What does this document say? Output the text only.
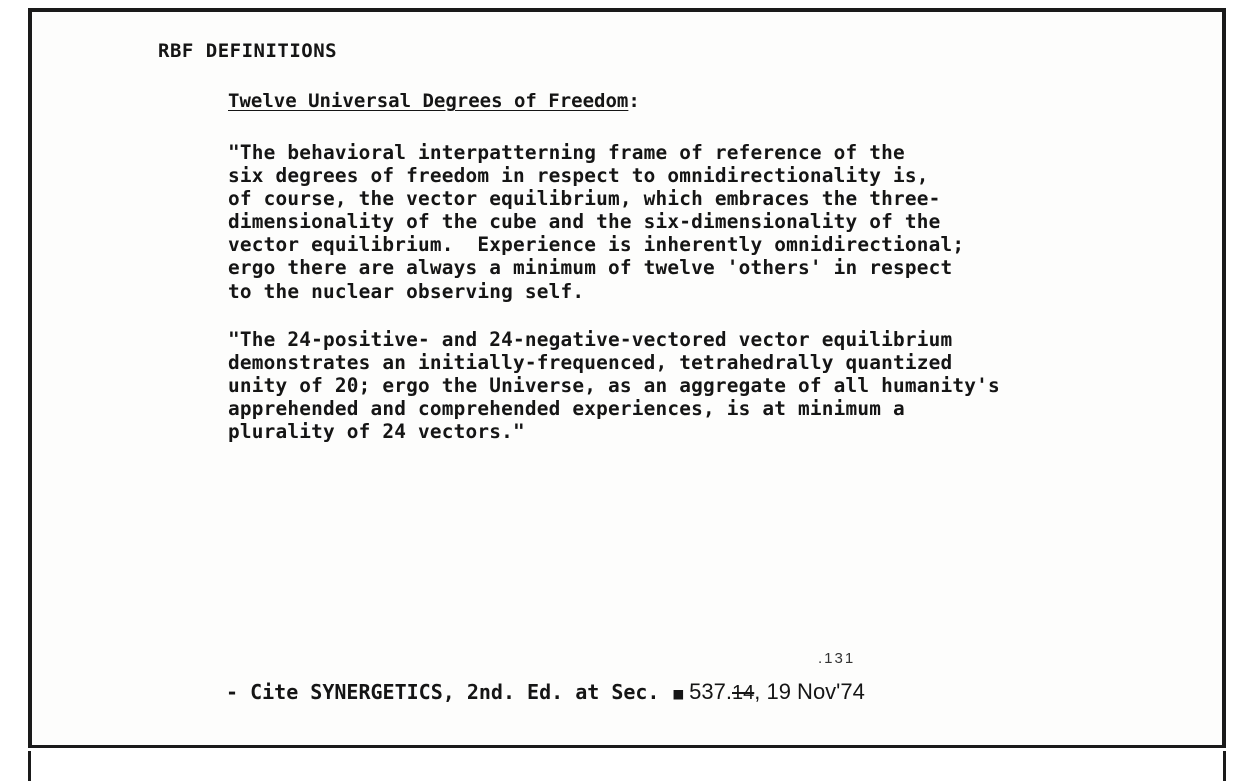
RBF DEFINITIONS
Twelve Universal Degrees of Freedom:
"The behavioral interpatterning frame of reference of the
six degrees of freedom in respect to omnidirectionality is,
of course, the vector equilibrium, which embraces the three-
dimensionality of the cube and the six-dimensionality of the
vector equilibrium.  Experience is inherently omnidirectional;
ergo there are always a minimum of twelve 'others' in respect
to the nuclear observing self.
"The 24-positive- and 24-negative-vectored vector equilibrium
demonstrates an initially-frequenced, tetrahedrally quantized
unity of 20; ergo the Universe, as an aggregate of all humanity's
apprehended and comprehended experiences, is at minimum a
plurality of 24 vectors."
.131
- Cite SYNERGETICS, 2nd. Ed. at Sec. ■ 537.14, 19 Nov'74
